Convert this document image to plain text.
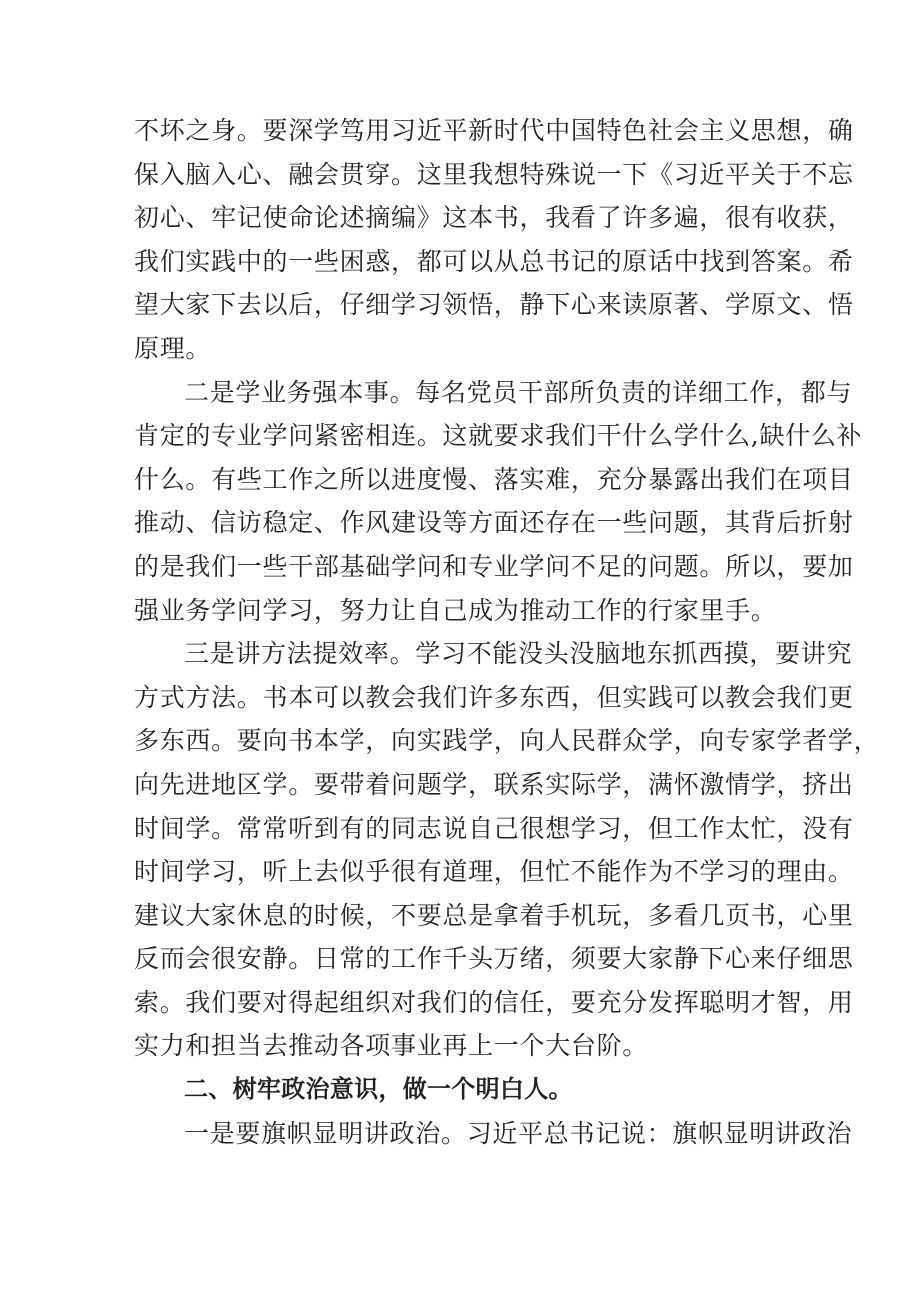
不坏之身。要深学笃用习近平新时代中国特色社会主义思想，确
保入脑入心、融会贯穿。这里我想特殊说一下《习近平关于不忘
初心、牢记使命论述摘编》这本书，我看了许多遍，很有收获，
我们实践中的一些困惑，都可以从总书记的原话中找到答案。希
望大家下去以后，仔细学习领悟，静下心来读原著、学原文、悟
原理。
二是学业务强本事。每名党员干部所负责的详细工作，都与
肯定的专业学问紧密相连。这就要求我们干什么学什么,缺什么补
什么。有些工作之所以进度慢、落实难，充分暴露出我们在项目
推动、信访稳定、作风建设等方面还存在一些问题，其背后折射
的是我们一些干部基础学问和专业学问不足的问题。所以，要加
强业务学问学习，努力让自己成为推动工作的行家里手。
三是讲方法提效率。学习不能没头没脑地东抓西摸，要讲究
方式方法。书本可以教会我们许多东西，但实践可以教会我们更
多东西。要向书本学，向实践学，向人民群众学，向专家学者学，
向先进地区学。要带着问题学，联系实际学，满怀激情学，挤出
时间学。常常听到有的同志说自己很想学习，但工作太忙，没有
时间学习，听上去似乎很有道理，但忙不能作为不学习的理由。
建议大家休息的时候，不要总是拿着手机玩，多看几页书，心里
反而会很安静。日常的工作千头万绪，须要大家静下心来仔细思
索。我们要对得起组织对我们的信任，要充分发挥聪明才智，用
实力和担当去推动各项事业再上一个大台阶。
二、树牢政治意识，做一个明白人。
一是要旗帜显明讲政治。习近平总书记说：旗帜显明讲政治
